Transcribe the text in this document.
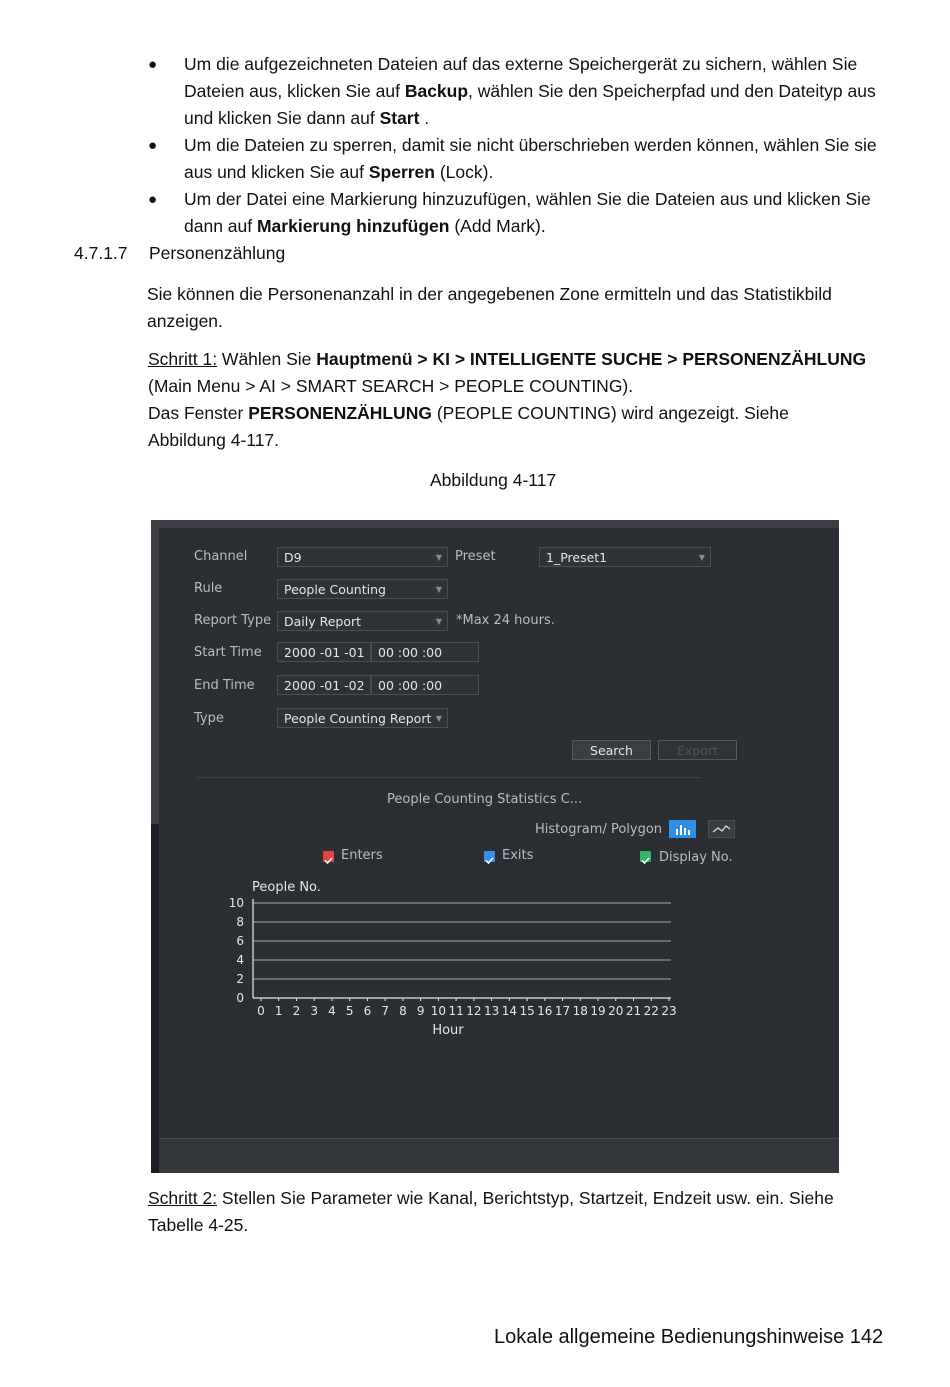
● Um die aufgezeichneten Dateien auf das externe Speichergerät zu sichern, wählen Sie
Dateien aus, klicken Sie auf Backup, wählen Sie den Speicherpfad und den Dateityp aus
und klicken Sie dann auf Start .
● Um die Dateien zu sperren, damit sie nicht überschrieben werden können, wählen Sie sie
aus und klicken Sie auf Sperren (Lock).
● Um der Datei eine Markierung hinzuzufügen, wählen Sie die Dateien aus und klicken Sie
dann auf Markierung hinzufügen (Add Mark).
4.7.1.7 Personenzählung
Sie können die Personenanzahl in der angegebenen Zone ermitteln und das Statistikbild
anzeigen.
Schritt 1: Wählen Sie Hauptmenü > KI > INTELLIGENTE SUCHE > PERSONENZÄHLUNG
(Main Menu > AI > SMART SEARCH > PEOPLE COUNTING).
Das Fenster PERSONENZÄHLUNG (PEOPLE COUNTING) wird angezeigt. Siehe
Abbildung 4-117.
Abbildung 4-117
Channel	D9	▼ Preset	1_Preset1	▼
Rule	People Counting	▼
Report Type	Daily Report	▼ *Max 24 hours.
Start Time	2000 -01 -01	00 :00 :00
End Time	2000 -01 -02	00 :00 :00
Type	People Counting Report ▼
Search	Export
People Counting Statistics C...
Histogram/ Polygon
Enters	Exits	Display No.
People No.
Hour
10
8
6
4
2
0
0 1 2 3 4 5 6 7 8 9 10 11 12 13 14 15 16 17 18 19 20 21 22 23
Schritt 2: Stellen Sie Parameter wie Kanal, Berichtstyp, Startzeit, Endzeit usw. ein. Siehe
Tabelle 4-25.
Lokale allgemeine Bedienungshinweise 142
